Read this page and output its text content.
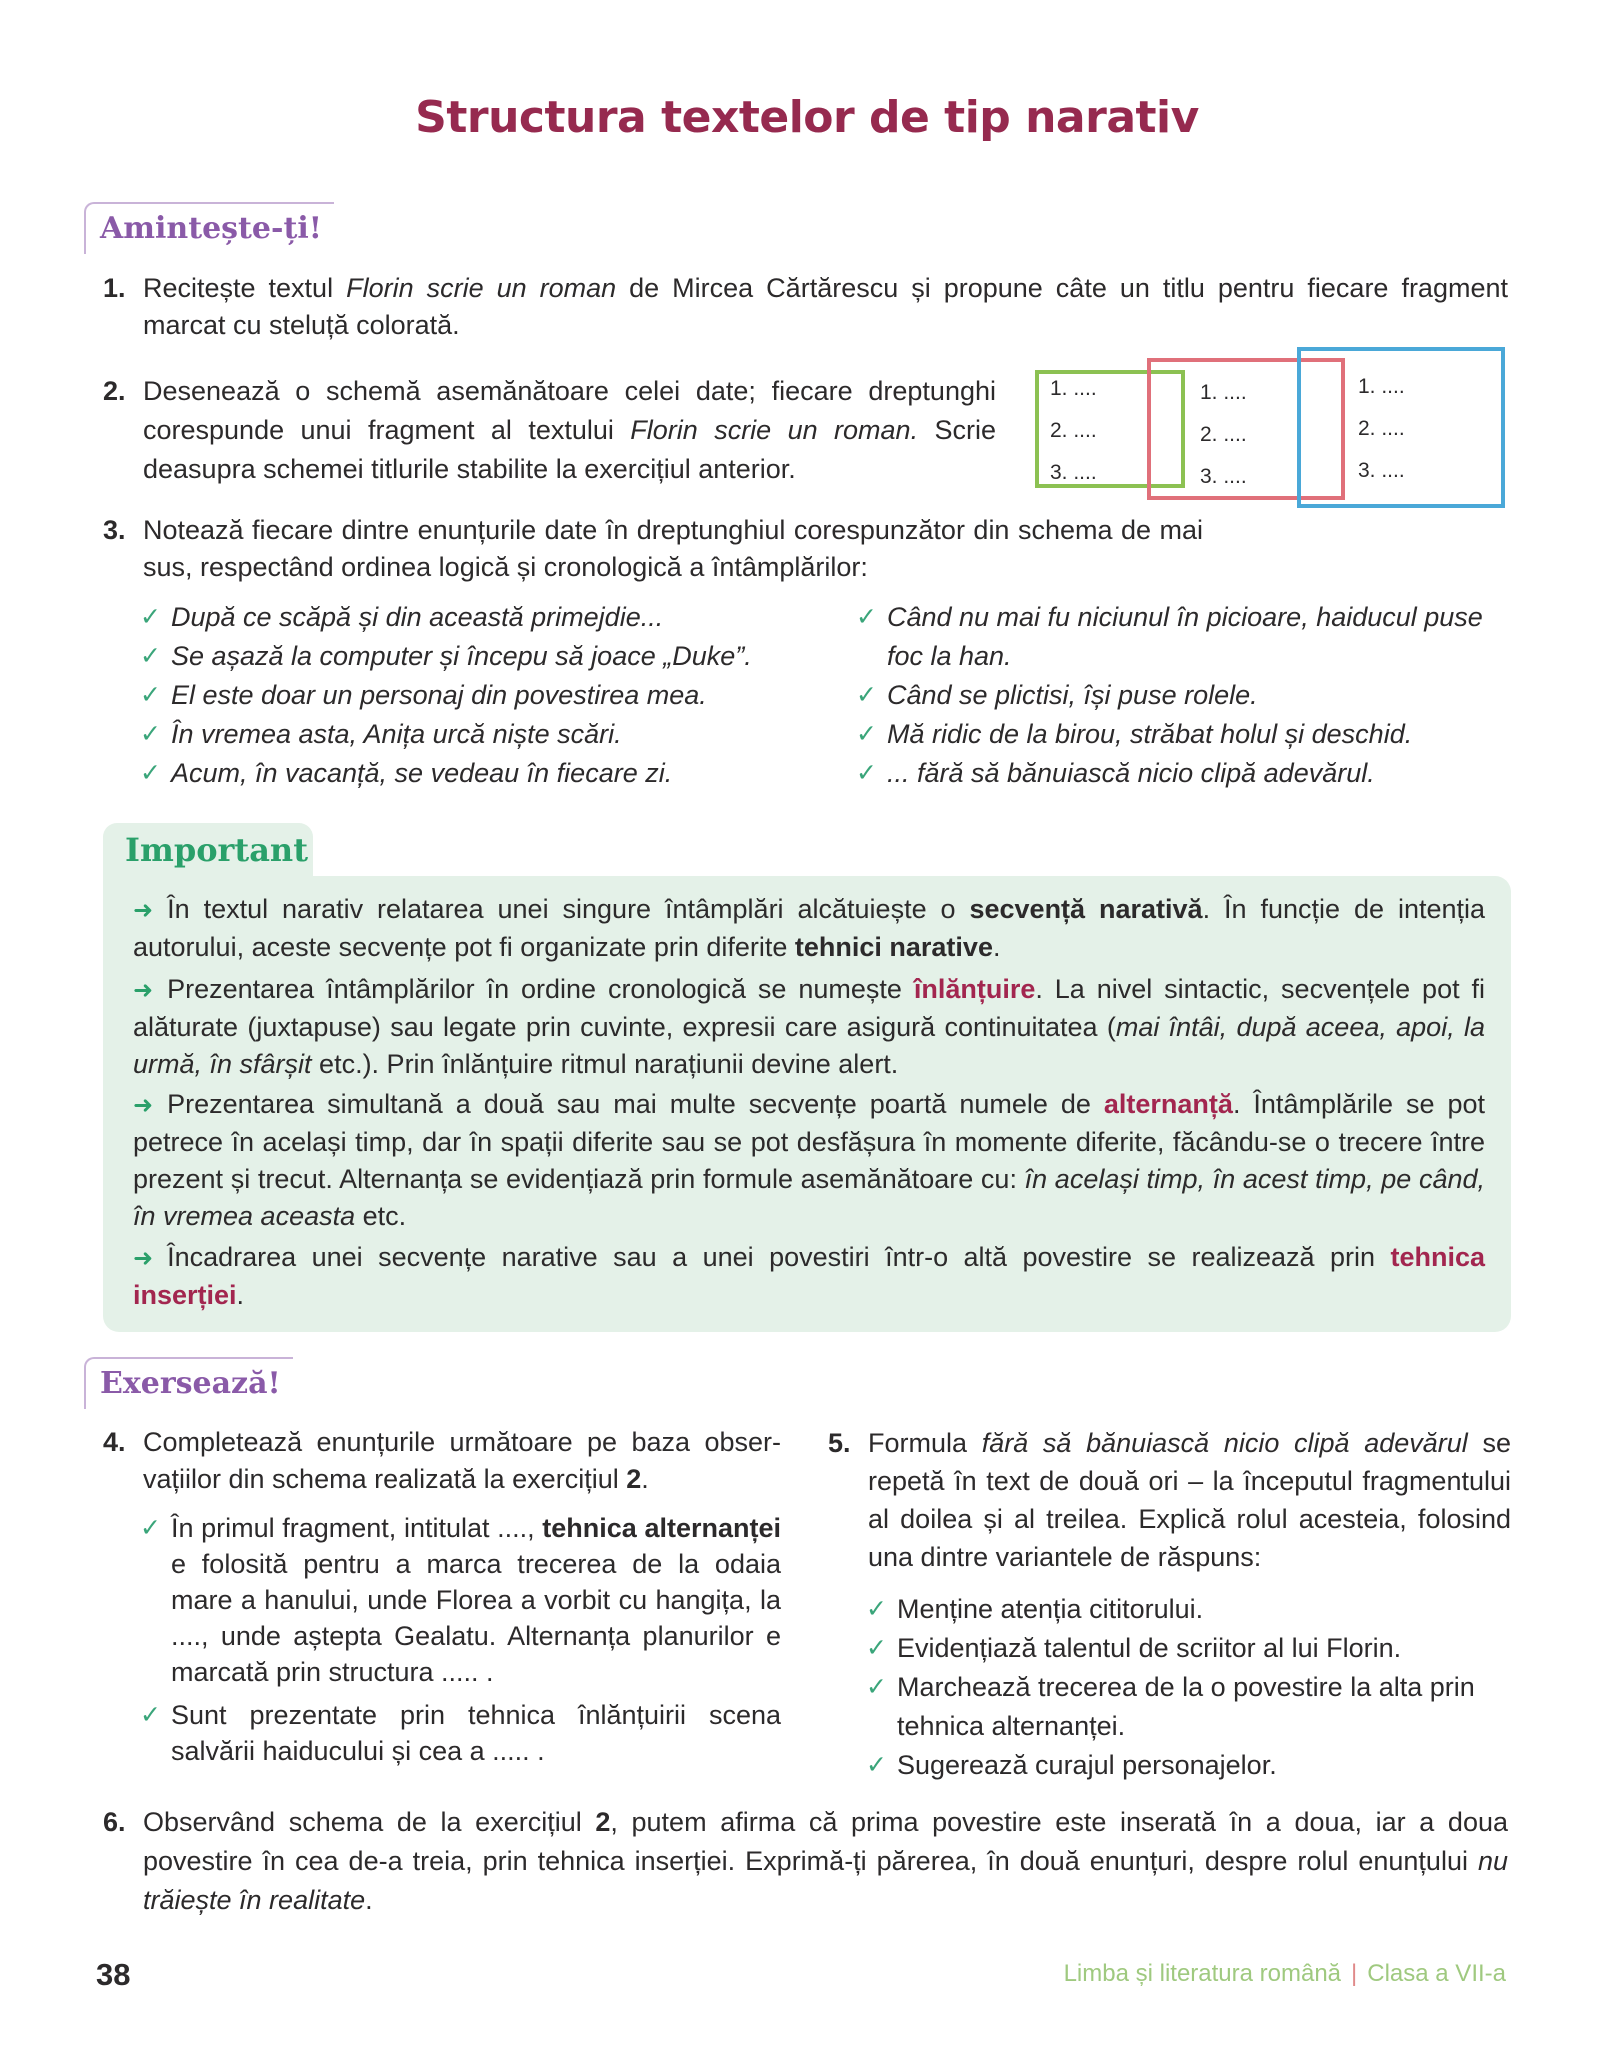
Structura textelor de tip narativ
Amintește-ți!
1. Recitește textul Florin scrie un roman de Mircea Cărtărescu și propune câte un titlu pentru fiecare fragment marcat cu steluță colorată.
2. Desenează o schemă asemănătoare celei date; fiecare dreptunghi corespunde unui fragment al textului Florin scrie un roman. Scrie deasupra schemei titlurile stabilite la exercițiul anterior.
1. ....
2. ....
3. ....
1. ....
2. ....
3. ....
1. ....
2. ....
3. ....
3. Notează fiecare dintre enunțurile date în dreptunghiul corespunzător din schema de mai sus, respectând ordinea logică și cronologică a întâmplărilor:
✓ După ce scăpă și din această primejdie...
✓ Se așază la computer și începu să joace „Duke”.
✓ El este doar un personaj din povestirea mea.
✓ În vremea asta, Anița urcă niște scări.
✓ Acum, în vacanță, se vedeau în fiecare zi.
✓ Când nu mai fu niciunul în picioare, haiducul puse foc la han.
✓ Când se plictisi, își puse rolele.
✓ Mă ridic de la birou, străbat holul și deschid.
✓ ... fără să bănuiască nicio clipă adevărul.
Important
➜ În textul narativ relatarea unei singure întâmplări alcătuiește o secvență narativă. În funcție de intenția autorului, aceste secvențe pot fi organizate prin diferite tehnici narative.
➜ Prezentarea întâmplărilor în ordine cronologică se numește înlănțuire. La nivel sintactic, secvențele pot fi alăturate (juxtapuse) sau legate prin cuvinte, expresii care asigură continuitatea (mai întâi, după aceea, apoi, la urmă, în sfârșit etc.). Prin înlănțuire ritmul narațiunii devine alert.
➜ Prezentarea simultană a două sau mai multe secvențe poartă numele de alternanță. Întâmplările se pot petrece în același timp, dar în spații diferite sau se pot desfășura în momente diferite, făcându-se o trecere între prezent și trecut. Alternanța se evidențiază prin formule asemănătoare cu: în același timp, în acest timp, pe când, în vremea aceasta etc.
➜ Încadrarea unei secvențe narative sau a unei povestiri într-o altă povestire se realizează prin tehnica inserției.
Exersează!
4. Completează enunțurile următoare pe baza observațiilor din schema realizată la exercițiul 2.
✓ În primul fragment, intitulat ...., tehnica alternanței e folosită pentru a marca trecerea de la odaia mare a hanului, unde Florea a vorbit cu hangița, la ...., unde aștepta Gealatu. Alternanța planurilor e marcată prin structura ..... .
✓ Sunt prezentate prin tehnica înlănțuirii scena salvării haiducului și cea a ..... .
5. Formula fără să bănuiască nicio clipă adevărul se repetă în text de două ori – la începutul fragmentului al doilea și al treilea. Explică rolul acesteia, folosind una dintre variantele de răspuns:
✓ Menține atenția cititorului.
✓ Evidențiază talentul de scriitor al lui Florin.
✓ Marchează trecerea de la o povestire la alta prin tehnica alternanței.
✓ Sugerează curajul personajelor.
6. Observând schema de la exercițiul 2, putem afirma că prima povestire este inserată în a doua, iar a doua povestire în cea de-a treia, prin tehnica inserției. Exprimă-ți părerea, în două enunțuri, despre rolul enunțului nu trăiește în realitate.
38	Limba și literatura română | Clasa a VII-a
